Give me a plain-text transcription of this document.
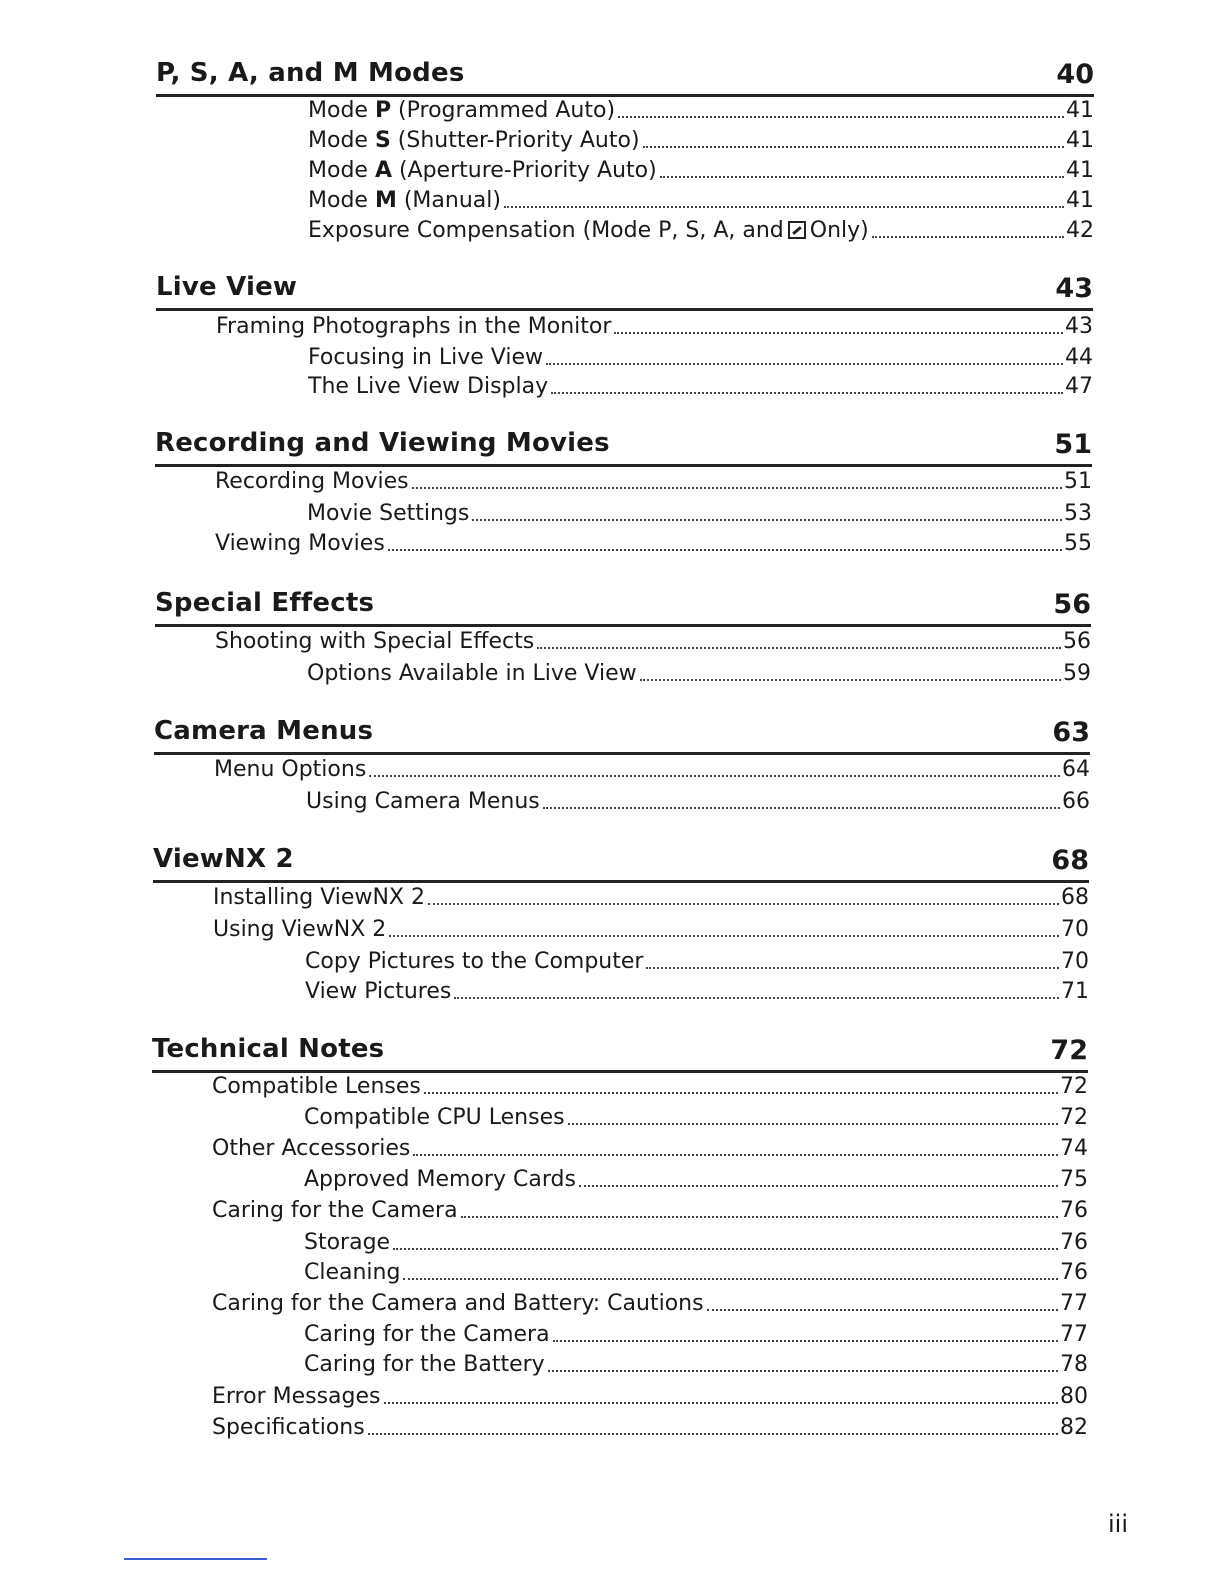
P, S, A, and M Modes	40
Mode P (Programmed Auto)	41
Mode S (Shutter-Priority Auto)	41
Mode A (Aperture-Priority Auto)	41
Mode M (Manual)	41
Exposure Compensation (Mode P, S, A, and Only)	42
Live View	43
Framing Photographs in the Monitor	43
Focusing in Live View	44
The Live View Display	47
Recording and Viewing Movies	51
Recording Movies	51
Movie Settings	53
Viewing Movies	55
Special Effects	56
Shooting with Special Effects	56
Options Available in Live View	59
Camera Menus	63
Menu Options	64
Using Camera Menus	66
ViewNX 2	68
Installing ViewNX 2	68
Using ViewNX 2	70
Copy Pictures to the Computer	70
View Pictures	71
Technical Notes	72
Compatible Lenses	72
Compatible CPU Lenses	72
Other Accessories	74
Approved Memory Cards	75
Caring for the Camera	76
Storage	76
Cleaning	76
Caring for the Camera and Battery: Cautions	77
Caring for the Camera	77
Caring for the Battery	78
Error Messages	80
Specifications	82
iii
